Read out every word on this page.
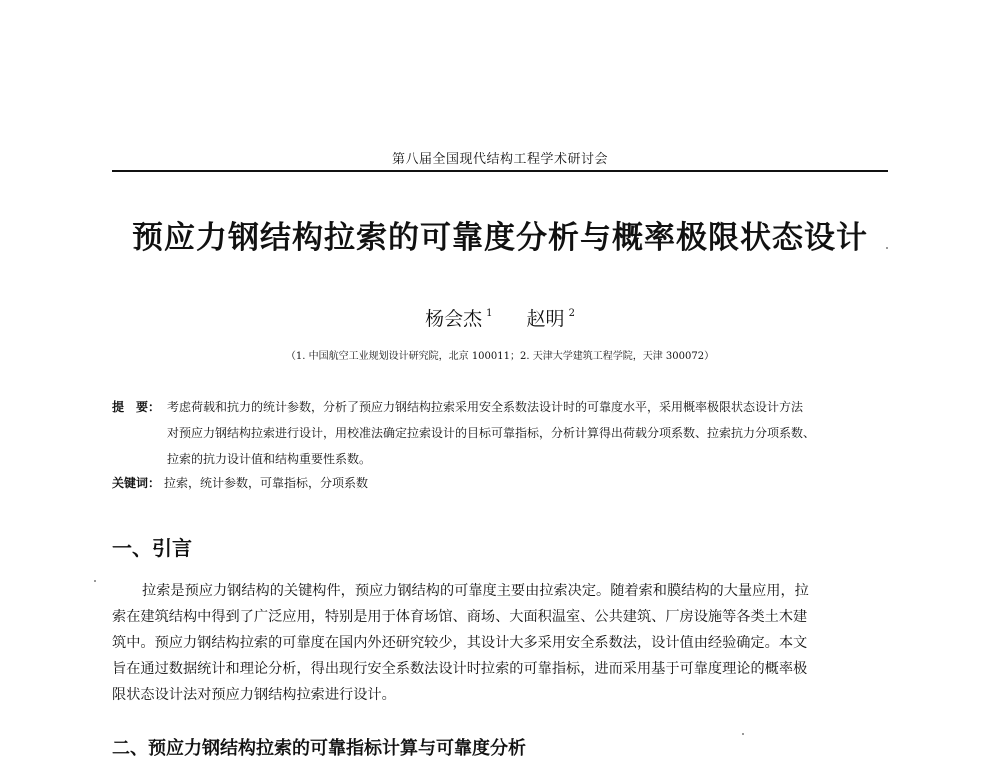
第八届全国现代结构工程学术研讨会
预应力钢结构拉索的可靠度分析与概率极限状态设计
杨会杰 $^1$ 赵明 $^2$
（1. 中国航空工业规划设计研究院，北京 100011；2. 天津大学建筑工程学院，天津 300072）
提　要： 考虑荷载和抗力的统计参数，分析了预应力钢结构拉索采用安全系数法设计时的可靠度水平，采用概率极限状态设计方法
对预应力钢结构拉索进行设计，用校准法确定拉索设计的目标可靠指标，分析计算得出荷载分项系数、拉索抗力分项系数、
拉索的抗力设计值和结构重要性系数。
关键词： 拉索，统计参数，可靠指标，分项系数
一、引言
拉索是预应力钢结构的关键构件，预应力钢结构的可靠度主要由拉索决定。随着索和膜结构的大量应用，拉
索在建筑结构中得到了广泛应用，特别是用于体育场馆、商场、大面积温室、公共建筑、厂房设施等各类土木建
筑中。预应力钢结构拉索的可靠度在国内外还研究较少，其设计大多采用安全系数法，设计值由经验确定。本文
旨在通过数据统计和理论分析，得出现行安全系数法设计时拉索的可靠指标，进而采用基于可靠度理论的概率极
限状态设计法对预应力钢结构拉索进行设计。
二、预应力钢结构拉索的可靠指标计算与可靠度分析
